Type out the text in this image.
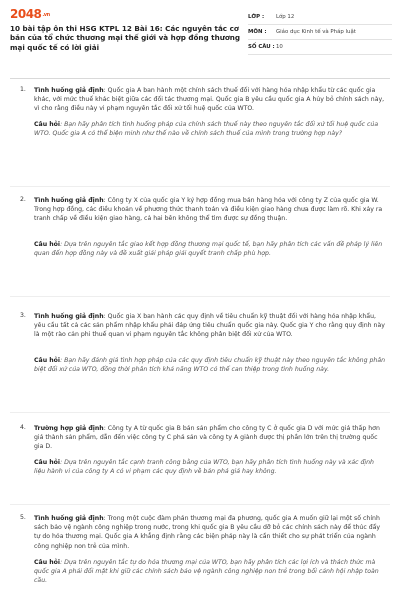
2048.vn
10 bài tập ôn thi HSG KTPL 12 Bài 16: Các nguyên tắc cơ bản của tổ chức thương mại thế giới và hợp đồng thương mại quốc tế có lời giải
LỚP :	Lớp 12
MÔN :	Giáo dục Kinh tế và Pháp luật
SỐ CÂU : 10
1. Tình huống giả định: Quốc gia A ban hành một chính sách thuế đối với hàng hóa nhập khẩu từ các quốc gia khác, với mức thuế khác biệt giữa các đối tác thương mại. Quốc gia B yêu cầu quốc gia A hủy bỏ chính sách này, vì cho rằng điều này vi phạm nguyên tắc đối xử tối huệ quốc của WTO.
Câu hỏi: Bạn hãy phân tích tình huống pháp của chính sách thuế này theo nguyên tắc đối xử tối huệ quốc của WTO. Quốc gia A có thể biện minh như thế nào về chính sách thuế của mình trong trường hợp này?
2. Tình huống giả định: Công ty X của quốc gia Y ký hợp đồng mua bán hàng hóa với công ty Z của quốc gia W. Trong hợp đồng, các điều khoản về phương thức thanh toán và điều kiện giao hàng chưa được làm rõ. Khi xảy ra tranh chấp về điều kiện giao hàng, cả hai bên không thể tìm được sự đồng thuận.
Câu hỏi: Dựa trên nguyên tắc giao kết hợp đồng thương mại quốc tế, bạn hãy phân tích các vấn đề pháp lý liên quan đến hợp đồng này và đề xuất giải pháp giải quyết tranh chấp phù hợp.
3. Tình huống giả định: Quốc gia X ban hành các quy định về tiêu chuẩn kỹ thuật đối với hàng hóa nhập khẩu, yêu cầu tất cả các sản phẩm nhập khẩu phải đáp ứng tiêu chuẩn quốc gia này. Quốc gia Y cho rằng quy định này là một rào cản phi thuế quan vi phạm nguyên tắc không phân biệt đối xử của WTO.
Câu hỏi: Bạn hãy đánh giá tình hợp pháp của các quy định tiêu chuẩn kỹ thuật này theo nguyên tắc không phân biệt đối xử của WTO, đồng thời phân tích khả năng WTO có thể can thiệp trong tình huống này.
4. Trường hợp giả định: Công ty A từ quốc gia B bán sản phẩm cho công ty C ở quốc gia D với mức giá thấp hơn giá thành sản phẩm, dẫn đến việc công ty C phá sản và công ty A giành được thị phần lớn trên thị trường quốc gia D.
Câu hỏi: Dựa trên nguyên tắc cạnh tranh công bằng của WTO, bạn hãy phân tích tình huống này và xác định liệu hành vi của công ty A có vi phạm các quy định về bán phá giá hay không.
5. Tình huống giả định: Trong một cuộc đàm phán thương mại đa phương, quốc gia A muốn giữ lại một số chính sách bảo vệ ngành công nghiệp trong nước, trong khi quốc gia B yêu cầu dỡ bỏ các chính sách này để thúc đẩy tự do hóa thương mại. Quốc gia A khẳng định rằng các biện pháp này là cần thiết cho sự phát triển của ngành công nghiệp non trẻ của mình.
Câu hỏi: Dựa trên nguyên tắc tự do hóa thương mại của WTO, bạn hãy phân tích các lợi ích và thách thức mà quốc gia A phải đối mặt khi giữ các chính sách bảo vệ ngành công nghiệp non trẻ trong bối cảnh hội nhập toàn cầu.
